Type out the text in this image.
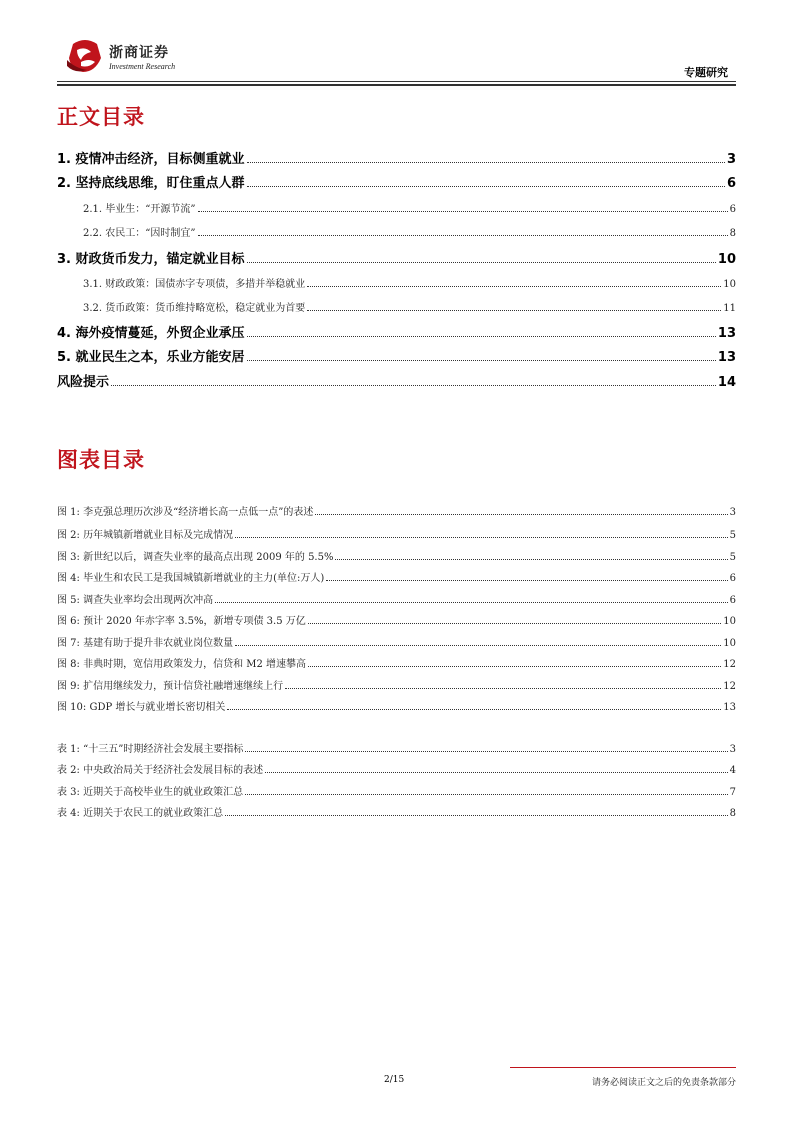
浙商证券
Investment Research	专题研究
正文目录
1. 疫情冲击经济，目标侧重就业	3
2. 坚持底线思维，盯住重点人群	6
2.1. 毕业生：“开源节流”	6
2.2. 农民工：“因时制宜”	8
3. 财政货币发力，锚定就业目标	10
3.1. 财政政策：国债赤字专项债，多措并举稳就业	10
3.2. 货币政策：货币维持略宽松，稳定就业为首要	11
4. 海外疫情蔓延，外贸企业承压	13
5. 就业民生之本，乐业方能安居	13
风险提示	14
图表目录
图 1: 李克强总理历次涉及“经济增长高一点低一点”的表述	3
图 2: 历年城镇新增就业目标及完成情况	5
图 3: 新世纪以后，调查失业率的最高点出现 2009 年的 5.5%	5
图 4: 毕业生和农民工是我国城镇新增就业的主力(单位:万人)	6
图 5: 调查失业率均会出现两次冲高	6
图 6: 预计 2020 年赤字率 3.5%，新增专项债 3.5 万亿	10
图 7: 基建有助于提升非农就业岗位数量	10
图 8: 非典时期，宽信用政策发力，信贷和 M2 增速攀高	12
图 9: 扩信用继续发力，预计信贷社融增速继续上行	12
图 10: GDP 增长与就业增长密切相关	13
表 1: “十三五”时期经济社会发展主要指标	3
表 2: 中央政治局关于经济社会发展目标的表述	4
表 3: 近期关于高校毕业生的就业政策汇总	7
表 4: 近期关于农民工的就业政策汇总	8
2/15	请务必阅读正文之后的免责条款部分
